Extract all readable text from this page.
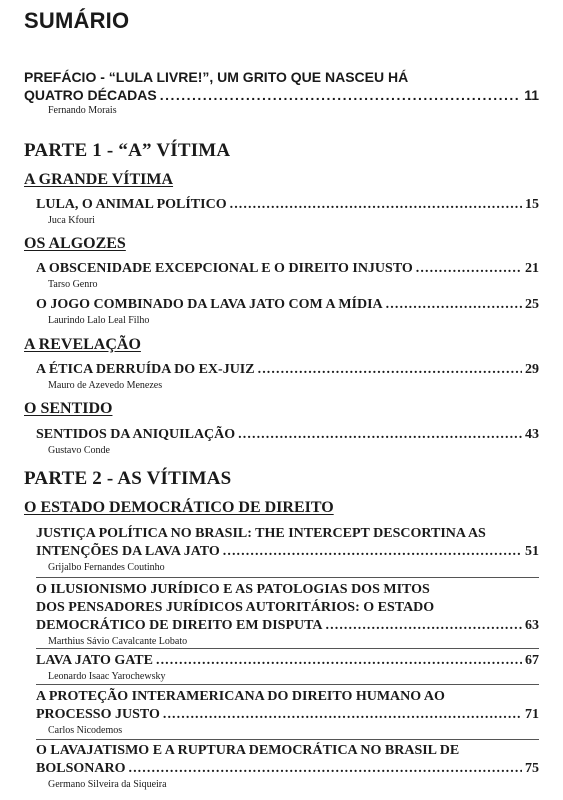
SUMÁRIO
PREFÁCIO - “LULA LIVRE!”, UM GRITO QUE NASCEU HÁ
QUATRO DÉCADAS . . .	11
Fernando Morais
PARTE 1 - “A” VÍTIMA
A GRANDE VÍTIMA
LULA, O ANIMAL POLÍTICO . . .	15
Juca Kfouri
OS ALGOZES
A OBSCENIDADE EXCEPCIONAL E O DIREITO INJUSTO . . .	21
Tarso Genro
O JOGO COMBINADO DA LAVA JATO COM A MÍDIA . . .	25
Laurindo Lalo Leal Filho
A REVELAÇÃO
A ÉTICA DERRUÍDA DO EX-JUIZ . . .	29
Mauro de Azevedo Menezes
O SENTIDO
SENTIDOS DA ANIQUILAÇÃO . . .	43
Gustavo Conde
PARTE 2 - AS VÍTIMAS
O ESTADO DEMOCRÁTICO DE DIREITO
JUSTIÇA POLÍTICA NO BRASIL: THE INTERCEPT DESCORTINA AS
INTENÇÕES DA LAVA JATO . . .	51
Grijalbo Fernandes Coutinho
O ILUSIONISMO JURÍDICO E AS PATOLOGIAS DOS MITOS
DOS PENSADORES JURÍDICOS AUTORITÁRIOS: O ESTADO
DEMOCRÁTICO DE DIREITO EM DISPUTA . . .	63
Marthius Sávio Cavalcante Lobato
LAVA JATO GATE . . .	67
Leonardo Isaac Yarochewsky
A PROTEÇÃO INTERAMERICANA DO DIREITO HUMANO AO
PROCESSO JUSTO . . .	71
Carlos Nicodemos
O LAVAJATISMO E A RUPTURA DEMOCRÁTICA NO BRASIL DE
BOLSONARO . . .	75
Germano Silveira da Siqueira
